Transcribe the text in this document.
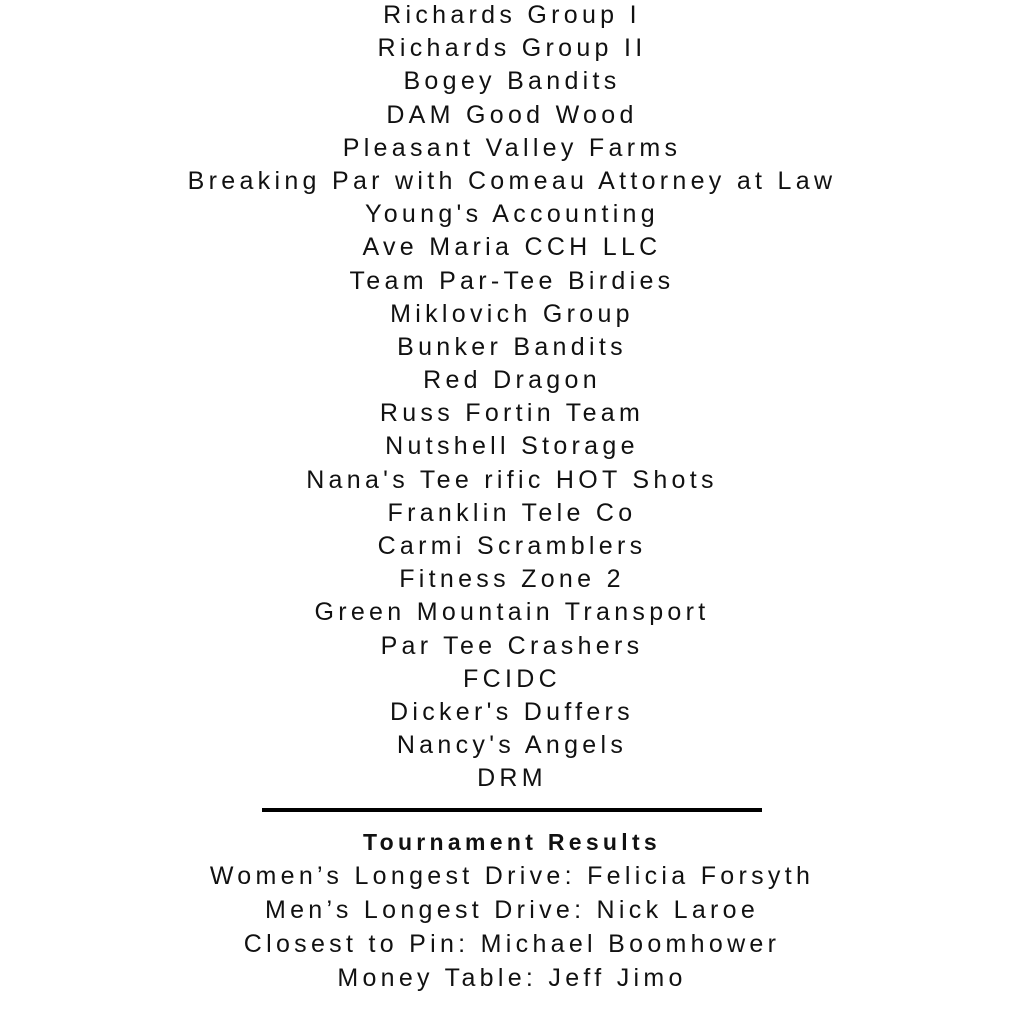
Richards Group I
Richards Group II
Bogey Bandits
DAM Good Wood
Pleasant Valley Farms
Breaking Par with Comeau Attorney at Law
Young's Accounting
Ave Maria CCH LLC
Team Par-Tee Birdies
Miklovich Group
Bunker Bandits
Red Dragon
Russ Fortin Team
Nutshell Storage
Nana's Tee rific HOT Shots
Franklin Tele Co
Carmi Scramblers
Fitness Zone 2
Green Mountain Transport
Par Tee Crashers
FCIDC
Dicker's Duffers
Nancy's Angels
DRM
Tournament Results
Women’s Longest Drive: Felicia Forsyth
Men’s Longest Drive: Nick Laroe
Closest to Pin: Michael Boomhower
Money Table: Jeff Jimo
